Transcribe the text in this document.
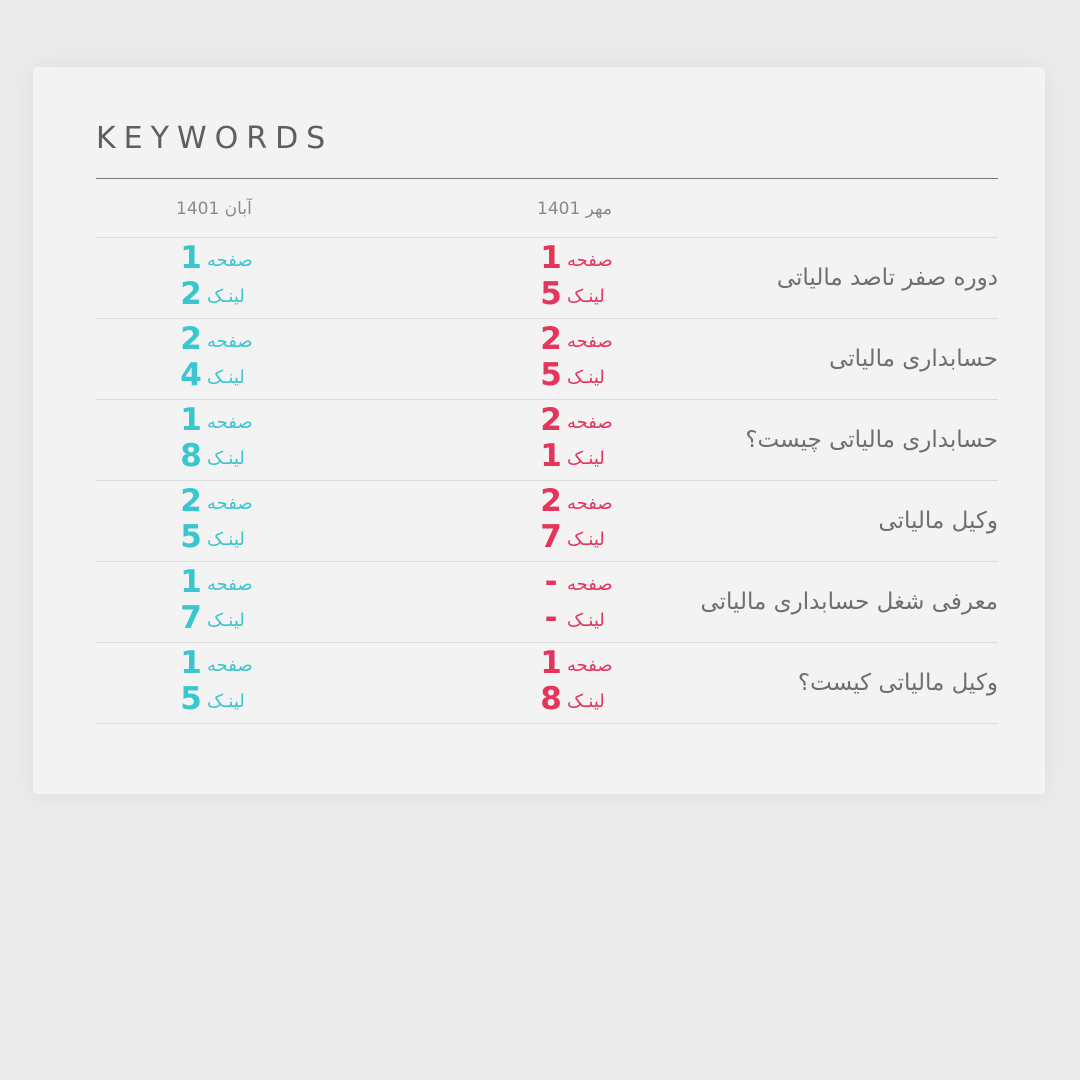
KEYWORDS
مهر 1401
آبان 1401
دوره صفر تاصد مالیاتی
1 صفحه
5 لینـک
1 صفحه
2 لینـک
حسابداری مالیاتی
2 صفحه
5 لینـک
2 صفحه
4 لینـک
حسابداری مالیاتی چیست؟
2 صفحه
1 لینـک
1 صفحه
8 لینـک
وکیل مالیاتی
2 صفحه
7 لینـک
2 صفحه
5 لینـک
معرفی شغل حسابداری مالیاتی
- صفحه
- لینـک
1 صفحه
7 لینـک
وکیل مالیاتی کیست؟
1 صفحه
8 لینـک
1 صفحه
5 لینـک
